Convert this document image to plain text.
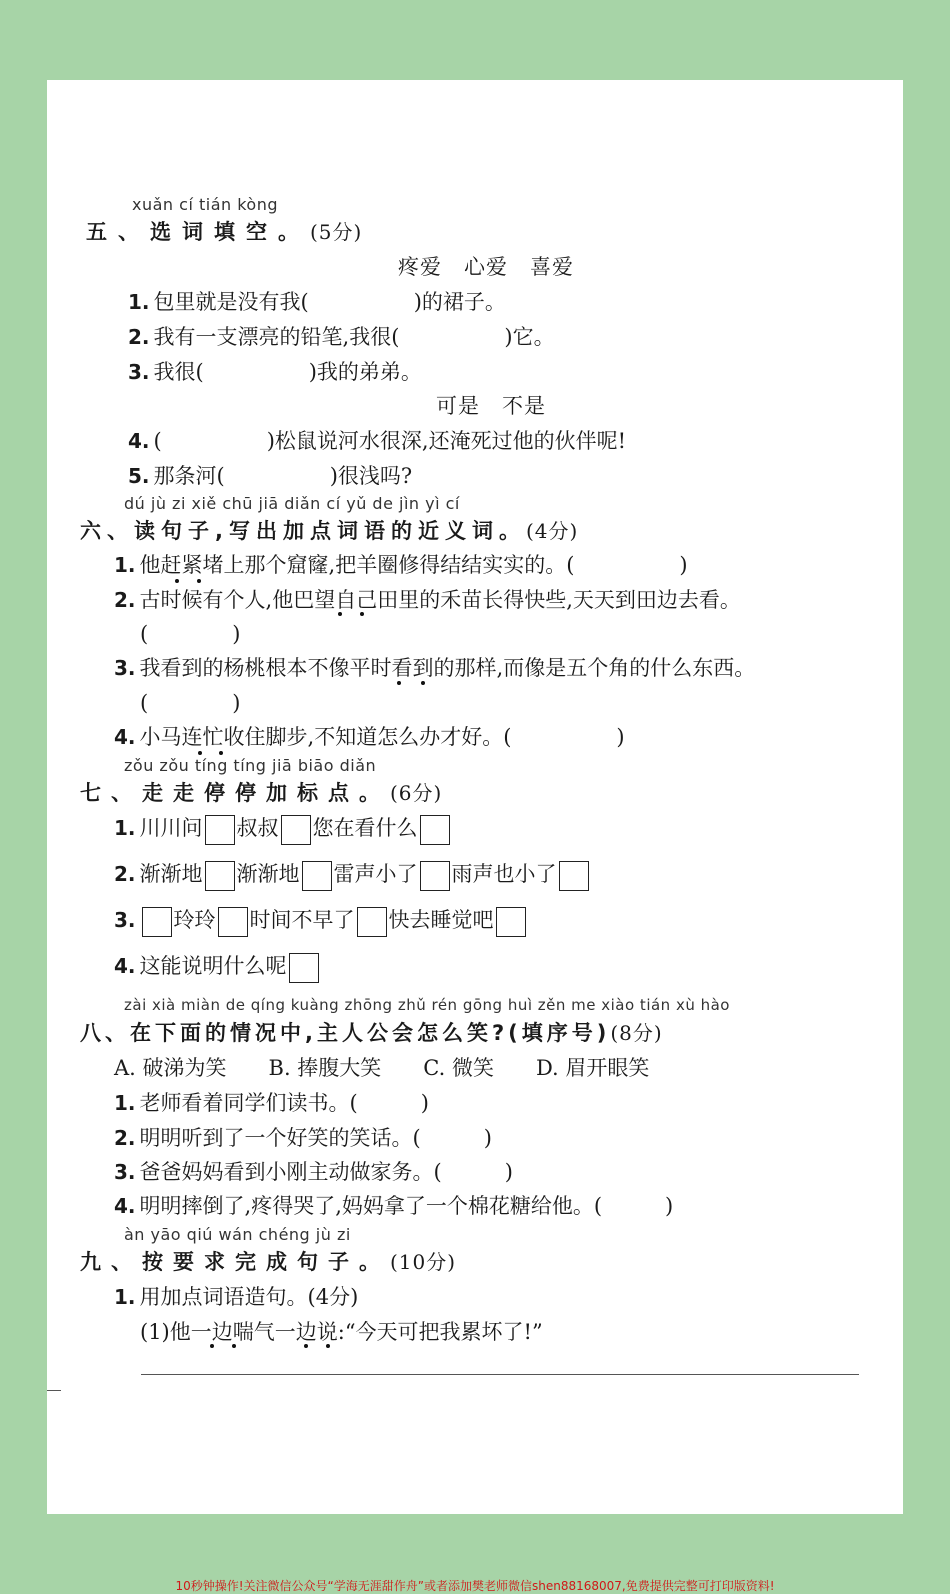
xuǎn cí tián kòng
五、选词填空。(5分)
疼爱　心爱　喜爱
1. 包里就是没有我(　　　　　)的裙子。
2. 我有一支漂亮的铅笔,我很(　　　　　)它。
3. 我很(　　　　　)我的弟弟。
可是　不是
4. (　　　　　)松鼠说河水很深,还淹死过他的伙伴呢!
5. 那条河(　　　　　)很浅吗?
dú jù zi xiě chū jiā diǎn cí yǔ de jìn yì cí
六、读句子,写出加点词语的近义词。(4分)
1. 他赶紧堵上那个窟窿,把羊圈修得结结实实的。(　　　　　)
2. 古时候有个人,他巴望自己田里的禾苗长得快些,天天到田边去看。
(　　　　)
3. 我看到的杨桃根本不像平时看到的那样,而像是五个角的什么东西。
(　　　　)
4. 小马连忙收住脚步,不知道怎么办才好。(　　　　　)
zǒu zǒu tíng tíng jiā biāo diǎn
七、走走停停加标点。(6分)
1. 川川问 叔叔 您在看什么
2. 渐渐地 渐渐地 雷声小了 雨声也小了
3. 玲玲 时间不早了 快去睡觉吧
4. 这能说明什么呢
zài xià miàn de qíng kuàng zhōng zhǔ rén gōng huì zěn me xiào tián xù hào
八、在下面的情况中,主人公会怎么笑?(填序号)(8分)
A. 破涕为笑　　B. 捧腹大笑　　C. 微笑　　D. 眉开眼笑
1. 老师看着同学们读书。(　　　)
2. 明明听到了一个好笑的笑话。(　　　)
3. 爸爸妈妈看到小刚主动做家务。(　　　)
4. 明明摔倒了,疼得哭了,妈妈拿了一个棉花糖给他。(　　　)
àn yāo qiú wán chéng jù zi
九、按要求完成句子。(10分)
1. 用加点词语造句。(4分)
(1)他一边喘气一边说:“今天可把我累坏了!”
10秒钟操作!关注微信公众号“学海无涯甜作舟”或者添加樊老师微信shen88168007,免费提供完整可打印版资料!
